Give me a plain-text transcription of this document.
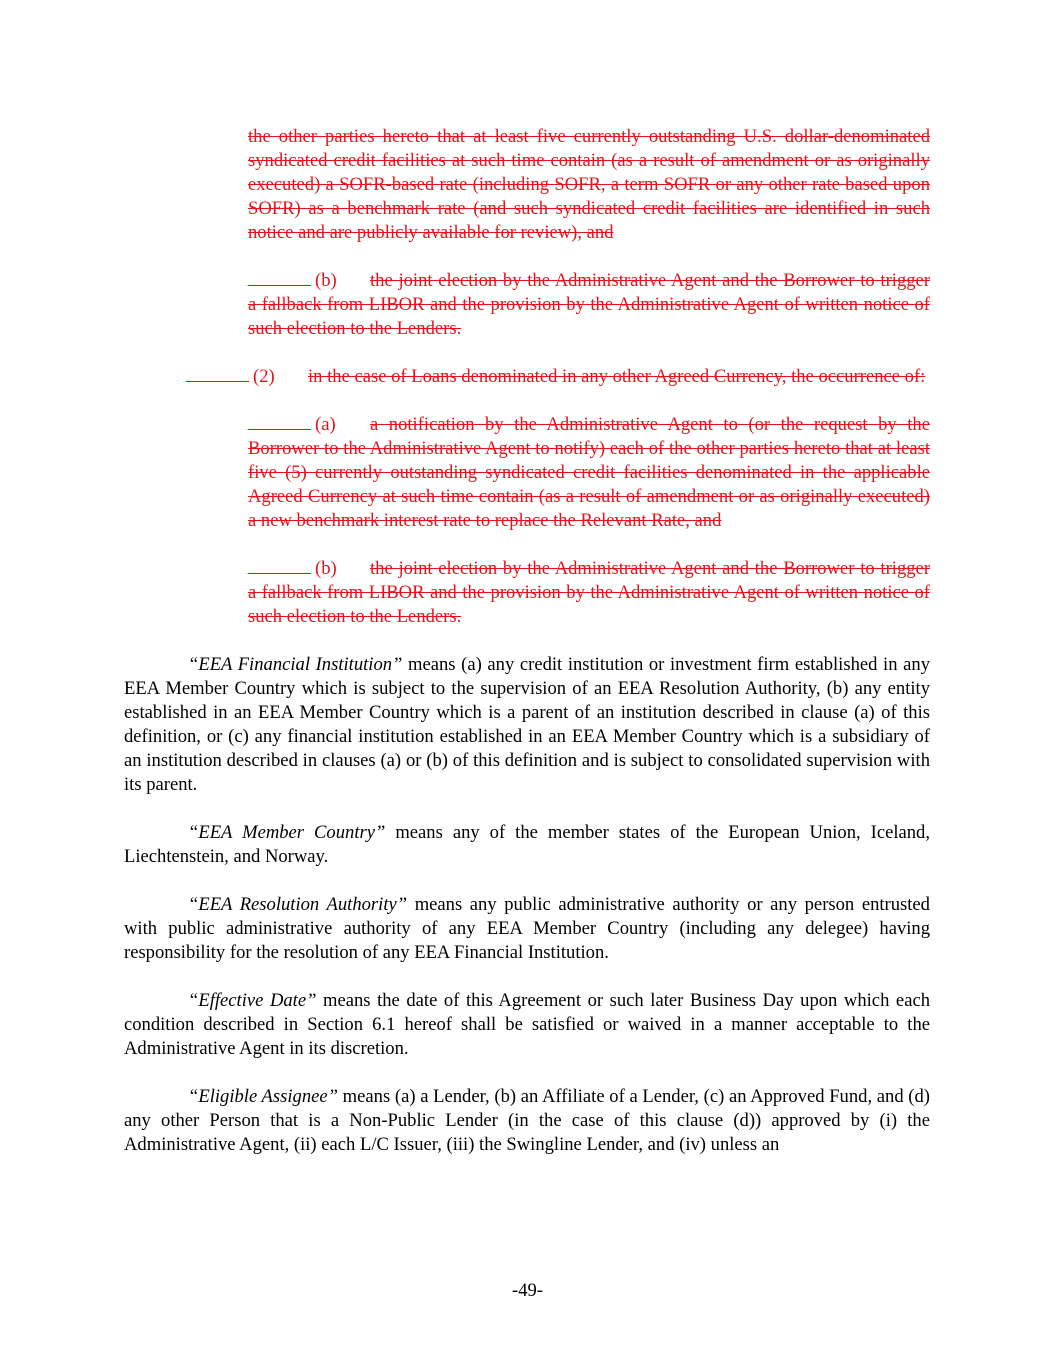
the other parties hereto that at least five currently outstanding U.S. dollar-denominated syndicated credit facilities at such time contain (as a result of amendment or as originally executed) a SOFR-based rate (including SOFR, a term SOFR or any other rate based upon SOFR) as a benchmark rate (and such syndicated credit facilities are identified in such notice and are publicly available for review), and

(b) the joint election by the Administrative Agent and the Borrower to trigger a fallback from LIBOR and the provision by the Administrative Agent of written notice of such election to the Lenders.

(2) in the case of Loans denominated in any other Agreed Currency, the occurrence of:

(a) a notification by the Administrative Agent to (or the request by the Borrower to the Administrative Agent to notify) each of the other parties hereto that at least five (5) currently outstanding syndicated credit facilities denominated in the applicable Agreed Currency at such time contain (as a result of amendment or as originally executed) a new benchmark interest rate to replace the Relevant Rate, and

(b) the joint election by the Administrative Agent and the Borrower to trigger a fallback from LIBOR and the provision by the Administrative Agent of written notice of such election to the Lenders.

“EEA Financial Institution” means (a) any credit institution or investment firm established in any EEA Member Country which is subject to the supervision of an EEA Resolution Authority, (b) any entity established in an EEA Member Country which is a parent of an institution described in clause (a) of this definition, or (c) any financial institution established in an EEA Member Country which is a subsidiary of an institution described in clauses (a) or (b) of this definition and is subject to consolidated supervision with its parent.

“EEA Member Country” means any of the member states of the European Union, Iceland, Liechtenstein, and Norway.

“EEA Resolution Authority” means any public administrative authority or any person entrusted with public administrative authority of any EEA Member Country (including any delegee) having responsibility for the resolution of any EEA Financial Institution.

“Effective Date” means the date of this Agreement or such later Business Day upon which each condition described in Section 6.1 hereof shall be satisfied or waived in a manner acceptable to the Administrative Agent in its discretion.

“Eligible Assignee” means (a) a Lender, (b) an Affiliate of a Lender, (c) an Approved Fund, and (d) any other Person that is a Non-Public Lender (in the case of this clause (d)) approved by (i) the Administrative Agent, (ii) each L/C Issuer, (iii) the Swingline Lender, and (iv) unless an

-49-
